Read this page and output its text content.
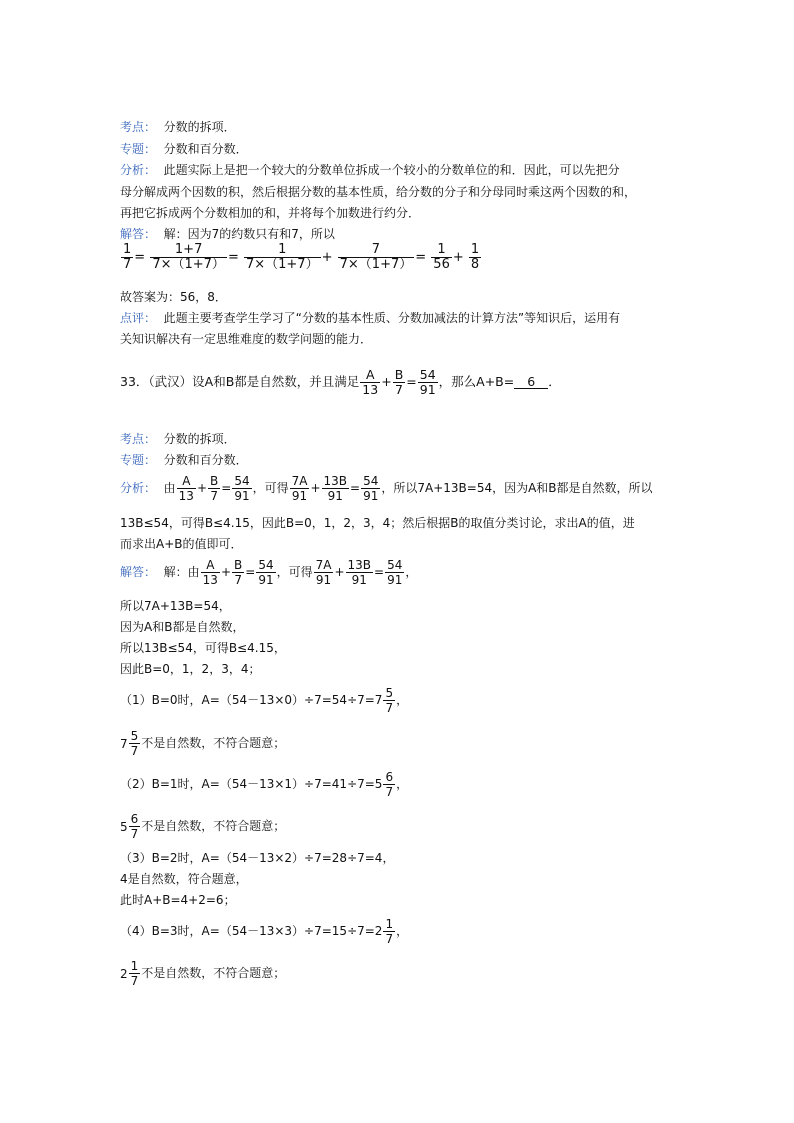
考点： 分数的拆项．
专题： 分数和百分数．
分析： 此题实际上是把一个较大的分数单位拆成一个较小的分数单位的和．因此，可以先把分
母分解成两个因数的积，然后根据分数的基本性质，给分数的分子和分母同时乘这两个因数的和，
再把它拆成两个分数相加的和，并将每个加数进行约分．
解答： 解：因为7的约数只有和7，所以
$\frac{1}{7} = \frac{1+7}{7\times(1+7)} = \frac{1}{7\times(1+7)} + \frac{7}{7\times(1+7)} = \frac{1}{56} + \frac{1}{8}$
故答案为：56，8．
点评： 此题主要考查学生学习了“分数的基本性质、分数加减法的计算方法”等知识后，运用有
关知识解决有一定思维难度的数学问题的能力．
33．（武汉）设A和B都是自然数，并且满足 $\frac{A}{13} + \frac{B}{7} = \frac{54}{91}$ ，那么A+B= 6 ．
考点： 分数的拆项．
专题： 分数和百分数．
分析： 由 $\frac{A}{13} + \frac{B}{7} = \frac{54}{91}$ ，可得 $\frac{7A}{91} + \frac{13B}{91} = \frac{54}{91}$ ，所以7A+13B=54，因为A和B都是自然数，所以
13B≤54，可得B≤4.15，因此B=0，1，2，3，4；然后根据B的取值分类讨论，求出A的值，进
而求出A+B的值即可．
解答： 解：由 $\frac{A}{13} + \frac{B}{7} = \frac{54}{91}$ ，可得 $\frac{7A}{91} + \frac{13B}{91} = \frac{54}{91}$ ，
所以7A+13B=54，
因为A和B都是自然数，
所以13B≤54，可得B≤4.15，
因此B=0，1，2，3，4；
（1）B=0时，$A=(54-13\times 0)\div 7=54\div 7=7 \frac{5}{7}$ ，
$7 \frac{5}{7}$ 不是自然数，不符合题意；
（2）B=1时，$A=(54-13\times 1)\div 7=41\div 7=5 \frac{6}{7}$ ，
$5 \frac{6}{7}$ 不是自然数，不符合题意；
（3）B=2时，A=（54－13×2）÷7=28÷7=4，
4是自然数，符合题意，
此时A+B=4+2=6；
（4）B=3时，$A=(54-13\times 3)\div 7=15\div 7=2 \frac{1}{7}$ ，
$2 \frac{1}{7}$ 不是自然数，不符合题意；
